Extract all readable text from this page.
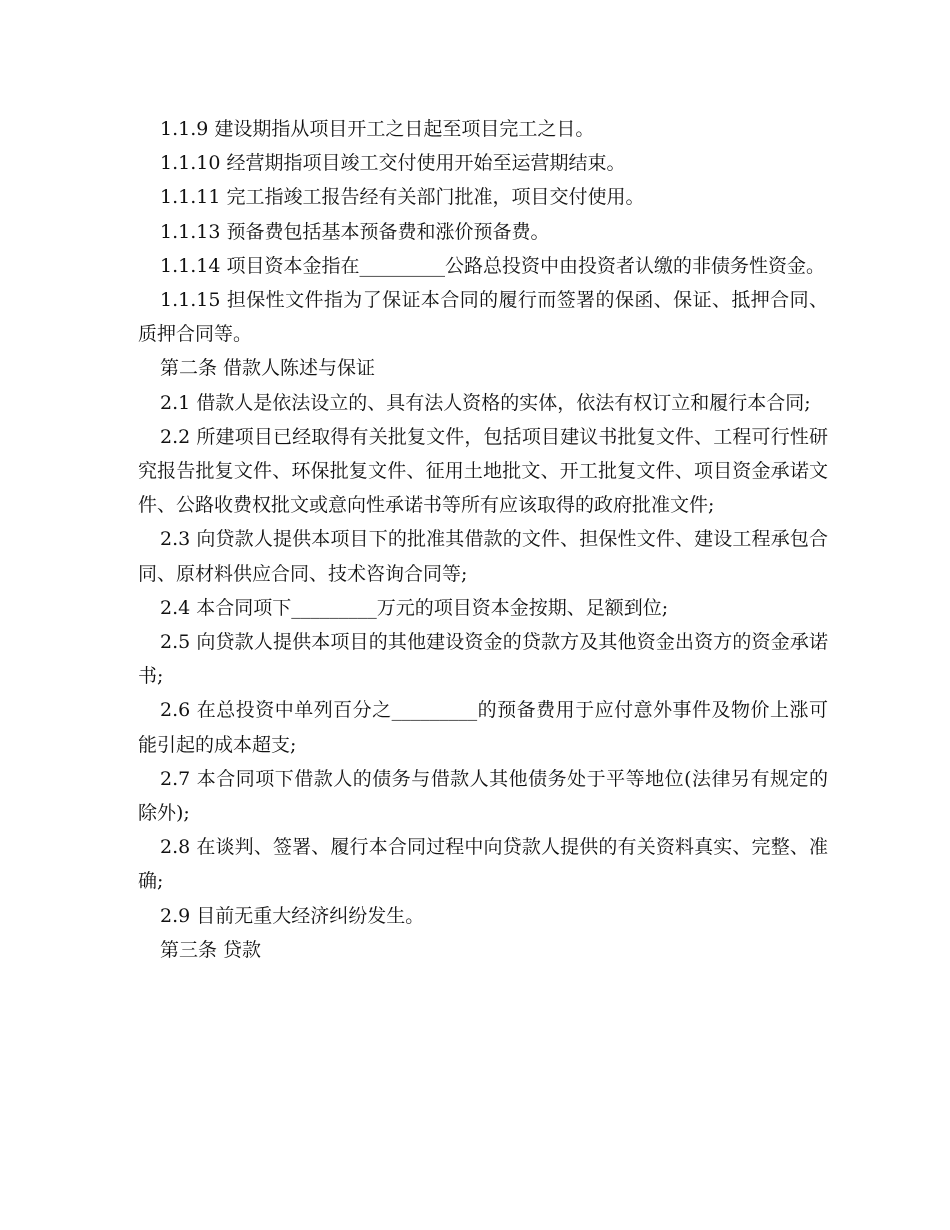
1.1.9 建设期指从项目开工之日起至项目完工之日。

1.1.10 经营期指项目竣工交付使用开始至运营期结束。

1.1.11 完工指竣工报告经有关部门批准，项目交付使用。

1.1.13 预备费包括基本预备费和涨价预备费。

1.1.14 项目资本金指在_________公路总投资中由投资者认缴的非债务性资金。

1.1.15 担保性文件指为了保证本合同的履行而签署的保函、保证、抵押合同、质押合同等。

第二条 借款人陈述与保证

2.1 借款人是依法设立的、具有法人资格的实体，依法有权订立和履行本合同;

2.2 所建项目已经取得有关批复文件，包括项目建议书批复文件、工程可行性研究报告批复文件、环保批复文件、征用土地批文、开工批复文件、项目资金承诺文件、公路收费权批文或意向性承诺书等所有应该取得的政府批准文件;

2.3 向贷款人提供本项目下的批准其借款的文件、担保性文件、建设工程承包合同、原材料供应合同、技术咨询合同等;

2.4 本合同项下_________万元的项目资本金按期、足额到位;

2.5 向贷款人提供本项目的其他建设资金的贷款方及其他资金出资方的资金承诺书;

2.6 在总投资中单列百分之_________的预备费用于应付意外事件及物价上涨可能引起的成本超支;

2.7 本合同项下借款人的债务与借款人其他债务处于平等地位(法律另有规定的除外);

2.8 在谈判、签署、履行本合同过程中向贷款人提供的有关资料真实、完整、准确;

2.9 目前无重大经济纠纷发生。

第三条 贷款
